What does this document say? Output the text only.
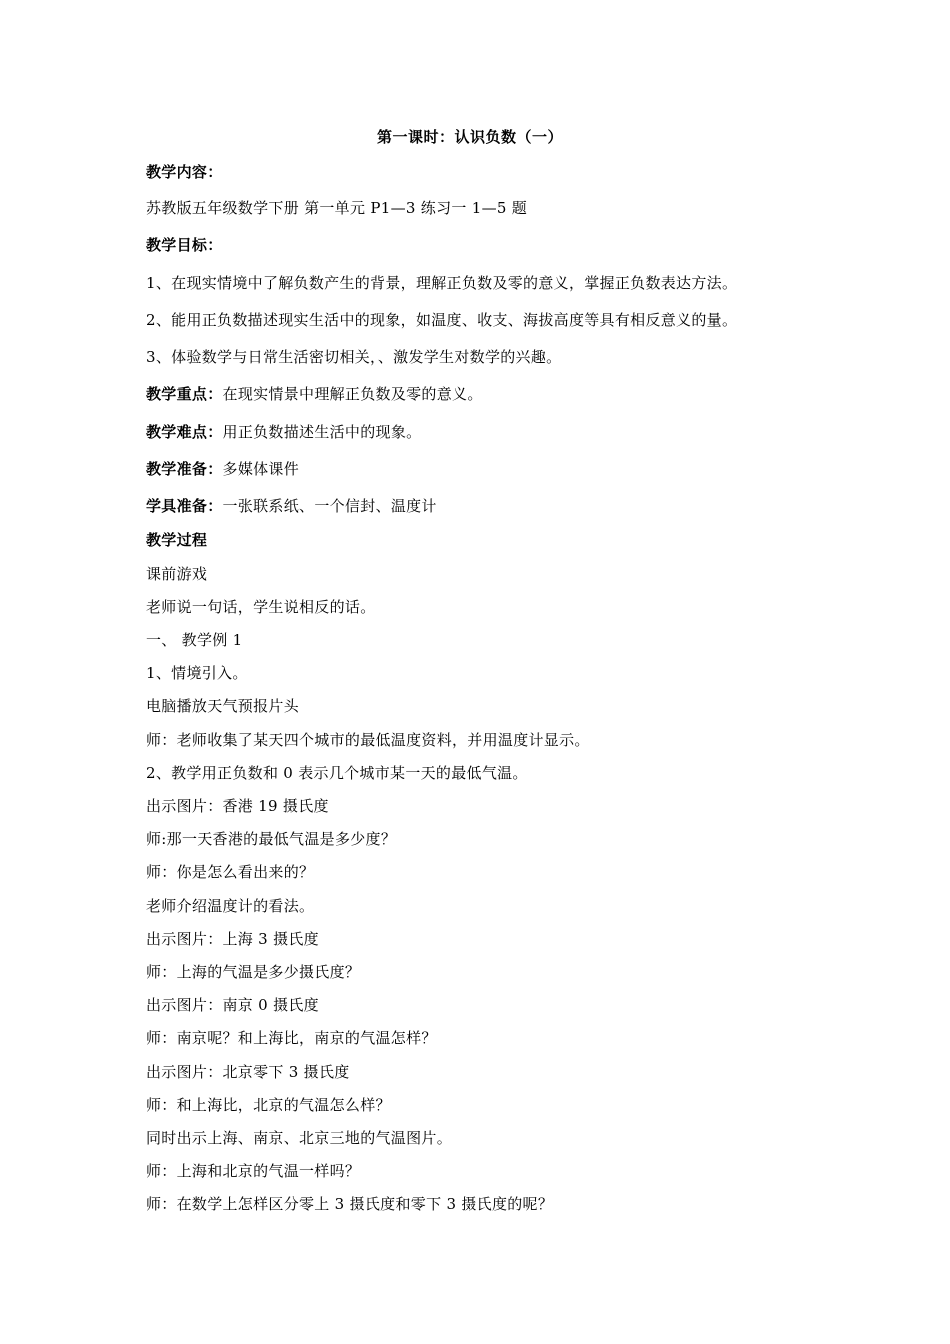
第一课时：认识负数（一）
教学内容：
苏教版五年级数学下册 第一单元 P1—3 练习一 1—5 题
教学目标：
1、在现实情境中了解负数产生的背景，理解正负数及零的意义，掌握正负数表达方法。
2、能用正负数描述现实生活中的现象，如温度、收支、海拔高度等具有相反意义的量。
3、体验数学与日常生活密切相关，、激发学生对数学的兴趣。
教学重点：在现实情景中理解正负数及零的意义。
教学难点：用正负数描述生活中的现象。
教学准备：多媒体课件
学具准备：一张联系纸、一个信封、温度计
教学过程
课前游戏
老师说一句话，学生说相反的话。
一、 教学例 1
1、情境引入。
电脑播放天气预报片头
师：老师收集了某天四个城市的最低温度资料，并用温度计显示。
2、教学用正负数和 0 表示几个城市某一天的最低气温。
出示图片：香港 19 摄氏度
师:那一天香港的最低气温是多少度？
师：你是怎么看出来的？
老师介绍温度计的看法。
出示图片：上海 3 摄氏度
师：上海的气温是多少摄氏度？
出示图片：南京 0 摄氏度
师：南京呢？和上海比，南京的气温怎样？
出示图片：北京零下 3 摄氏度
师：和上海比，北京的气温怎么样？
同时出示上海、南京、北京三地的气温图片。
师：上海和北京的气温一样吗？
师：在数学上怎样区分零上 3 摄氏度和零下 3 摄氏度的呢？
